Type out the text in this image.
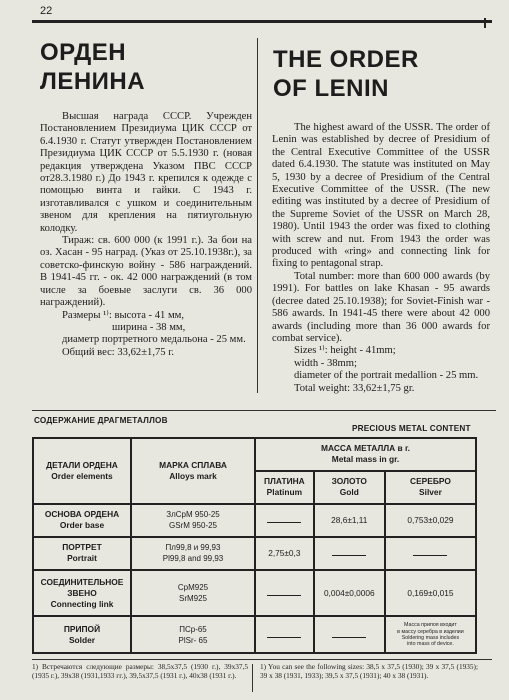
22
ОРДЕН
ЛЕНИНА
THE ORDER
OF LENIN

Высшая награда СССР. Учрежден Постановлением Президиума ЦИК СССР от 6.4.1930 г. Статут утвержден Постановлением Президиума ЦИК СССР от 5.5.1930 г. (новая редакция утверждена Указом ПВС СССР от28.3.1980 г.) До 1943 г. крепился к одежде с помощью винта и гайки. С 1943 г. изготавливался с ушком и соединительным звеном для крепления на пятиугольную колодку.

Тираж: св. 600 000 (к 1991 г.). За бои на оз. Хасан - 95 наград. (Указ от 25.10.1938г.), за советско-финскую войну - 586 награждений. В 1941-45 гг. - ок. 42 000 награждений (в том числе за боевые заслуги св. 36 000 награждений).

Размеры ¹⁾: высота - 41 мм,
ширина - 38 мм,
диаметр портретного медальона - 25 мм.
Общий вес: 33,62±1,75 г.

The highest award of the USSR. The order of Lenin was established by decree of Presidium of the Central Executive Committee of the USSR dated 6.4.1930. The statute was instituted on May 5, 1930 by a decree of Presidium of the Central Executive Committee of the USSR. (The new editing was instituted by a decree of Presidium of the Supreme Soviet of the USSR on March 28, 1980). Until 1943 the order was fixed to clothing with screw and nut. From 1943 the order was produced with «ring» and connecting link for fixing to pentagonal strap.

Total number: more than 600 000 awards (by 1991). For battles on lake Khasan - 95 awards (decree dated 25.10.1938); for Soviet-Finish war - 586 awards. In 1941-45 there were about 42 000 awards (including more than 36 000 awards for combat service).

Sizes ¹⁾: height - 41mm;
width - 38mm;
diameter of the portrait medallion - 25 mm.
Total weight: 33,62±1,75 gr.
СОДЕРЖАНИЕ ДРАГМЕТАЛЛОВ
PRECIOUS METAL CONTENT
ДЕТАЛИ ОРДЕНА
Order elements	МАРКА СПЛАВА
Alloys mark	МАССА МЕТАЛЛА в г.
Metal mass in gr.		

		ПЛАТИНА
Platinum	ЗОЛОТО
Gold	СЕРЕБРО
Silver

ОСНОВА ОРДЕНА
Order base	ЗлСрМ 950-25
GSrM 950-25		28,6±1,11	0,753±0,029

ПОРТРЕТ
Portrait	Пл99,8 и 99,93
Pl99,8 and 99,93	2,75±0,3		

СОЕДИНИТЕЛЬНОЕ
ЗВЕНО
Connecting link	СрМ925
SrM925		0,004±0,0006	0,169±0,015

ПРИПОЙ
Solder	ПСр-65
PlSr- 65			Масса припоя входит
в массу серебра в изделии
Soldering mass includes
into mass of device.
1) Встречаются следующие размеры: 38,5x37,5 (1930 г.), 39x37,5 (1935 г.), 39x38 (1931,1933 гг.), 39,5x37,5 (1931 г.), 40x38 (1931 г.).
1) You can see the following sizes: 38,5 x 37,5 (1930); 39 x 37,5 (1935); 39 x 38 (1931, 1933); 39,5 x 37,5 (1931); 40 x 38 (1931).
